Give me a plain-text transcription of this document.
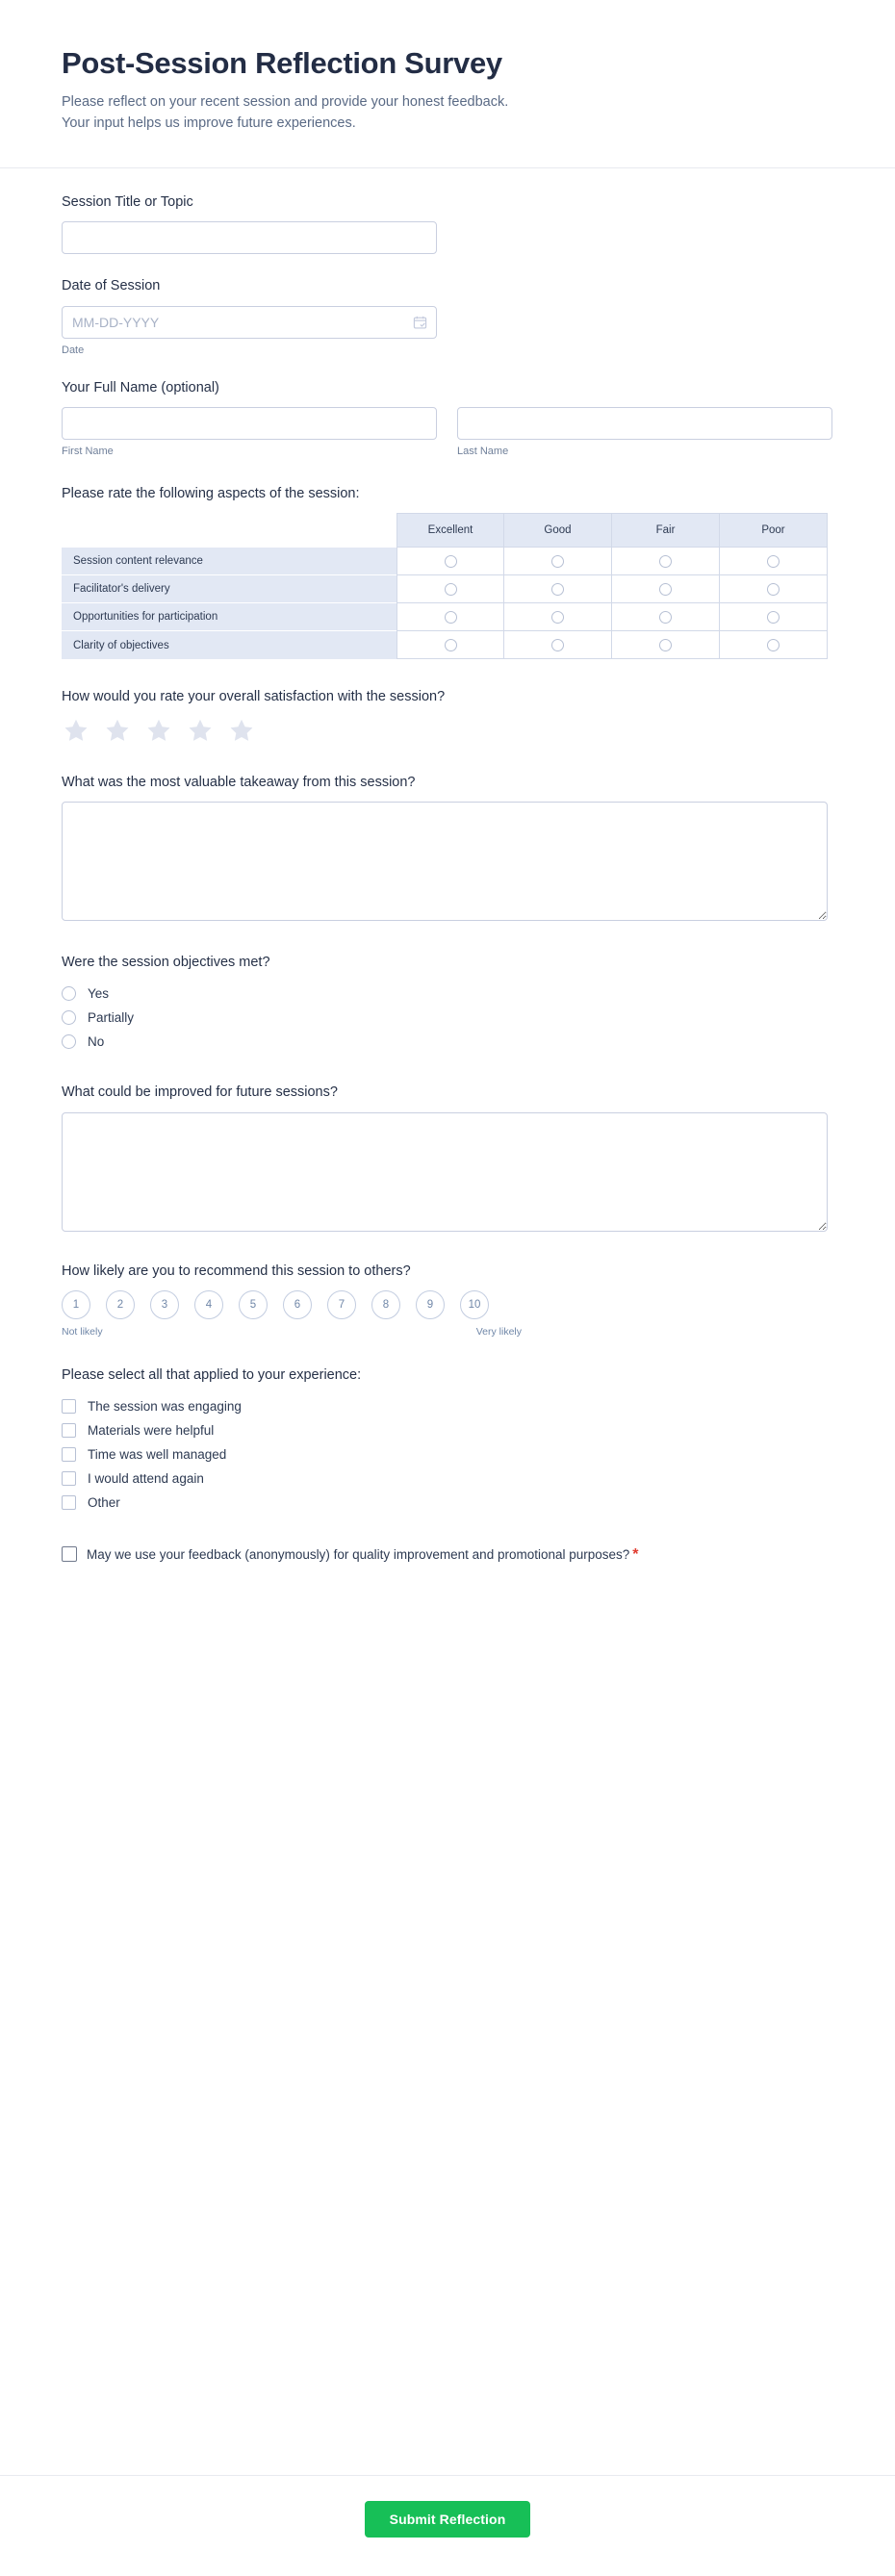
Post-Session Reflection Survey

Please reflect on your recent session and provide your honest feedback. Your input helps us improve future experiences.

Session Title or Topic
Date of Session
MM-DD-YYYY
Date
Your Full Name (optional)
First Name	Last Name
Please rate the following aspects of the session:
	Excellent	Good	Fair	Poor
Session content relevance				
Facilitator's delivery				
Opportunities for participation				
Clarity of objectives				
How would you rate your overall satisfaction with the session?
What was the most valuable takeaway from this session?
Were the session objectives met?
Yes
Partially
No
What could be improved for future sessions?
How likely are you to recommend this session to others?
1	2	3	4	5	6	7	8	9	10
Not likely	Very likely
Please select all that applied to your experience:
The session was engaging
Materials were helpful
Time was well managed
I would attend again
Other
May we use your feedback (anonymously) for quality improvement and promotional purposes? *
Submit Reflection
